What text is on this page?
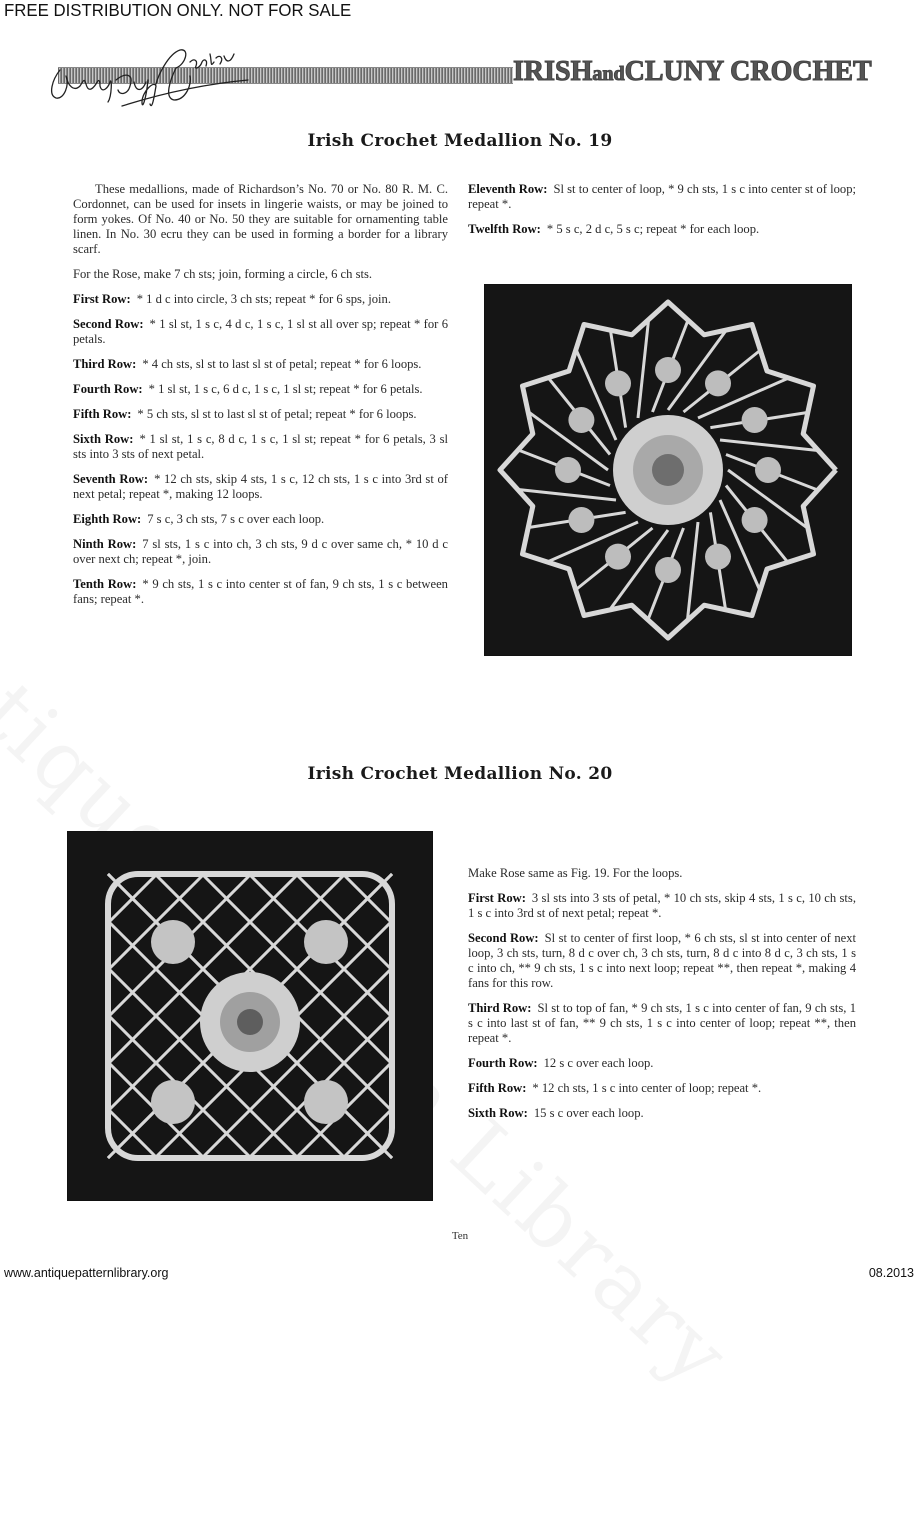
FREE DISTRIBUTION ONLY. NOT FOR SALE
IRISHandCLUNY CROCHET
Irish Crochet Medallion No. 19

These medallions, made of Richardson’s No. 70 or No. 80 R. M. C. Cordonnet, can be used for insets in lingerie waists, or may be joined to form yokes. Of No. 40 or No. 50 they are suitable for ornamenting table linen. In No. 30 ecru they can be used in forming a border for a library scarf.

For the Rose, make 7 ch sts; join, forming a circle, 6 ch sts.

First Row: * 1 d c into circle, 3 ch sts; repeat * for 6 sps, join.

Second Row: * 1 sl st, 1 s c, 4 d c, 1 s c, 1 sl st all over sp; repeat * for 6 petals.

Third Row: * 4 ch sts, sl st to last sl st of petal; repeat * for 6 loops.

Fourth Row: * 1 sl st, 1 s c, 6 d c, 1 s c, 1 sl st; repeat * for 6 petals.

Fifth Row: * 5 ch sts, sl st to last sl st of petal; repeat * for 6 loops.

Sixth Row: * 1 sl st, 1 s c, 8 d c, 1 s c, 1 sl st; repeat * for 6 petals, 3 sl sts into 3 sts of next petal.

Seventh Row: * 12 ch sts, skip 4 sts, 1 s c, 12 ch sts, 1 s c into 3rd st of next petal; repeat *, making 12 loops.

Eighth Row: 7 s c, 3 ch sts, 7 s c over each loop.

Ninth Row: 7 sl sts, 1 s c into ch, 3 ch sts, 9 d c over same ch, * 10 d c over next ch; repeat *, join.

Tenth Row: * 9 ch sts, 1 s c into center st of fan, 9 ch sts, 1 s c between fans; repeat *.

Eleventh Row: Sl st to center of loop, * 9 ch sts, 1 s c into center st of loop; repeat *.

Twelfth Row: * 5 s c, 2 d c, 5 s c; repeat * for each loop.

Irish Crochet Medallion No. 20

Make Rose same as Fig. 19. For the loops.

First Row: 3 sl sts into 3 sts of petal, * 10 ch sts, skip 4 sts, 1 s c, 10 ch sts, 1 s c into 3rd st of next petal; repeat *.

Second Row: Sl st to center of first loop, * 6 ch sts, sl st into center of next loop, 3 ch sts, turn, 8 d c over ch, 3 ch sts, turn, 8 d c into 8 d c, 3 ch sts, 1 s c into ch, ** 9 ch sts, 1 s c into next loop; repeat **, then repeat *, making 4 fans for this row.

Third Row: Sl st to top of fan, * 9 ch sts, 1 s c into center of fan, 9 ch sts, 1 s c into last st of fan, ** 9 ch sts, 1 s c into center of loop; repeat **, then repeat *.

Fourth Row: 12 s c over each loop.

Fifth Row: * 12 ch sts, 1 s c into center of loop; repeat *.

Sixth Row: 15 s c over each loop.

Ten
www.antiquepatternlibrary.org	08.2013
